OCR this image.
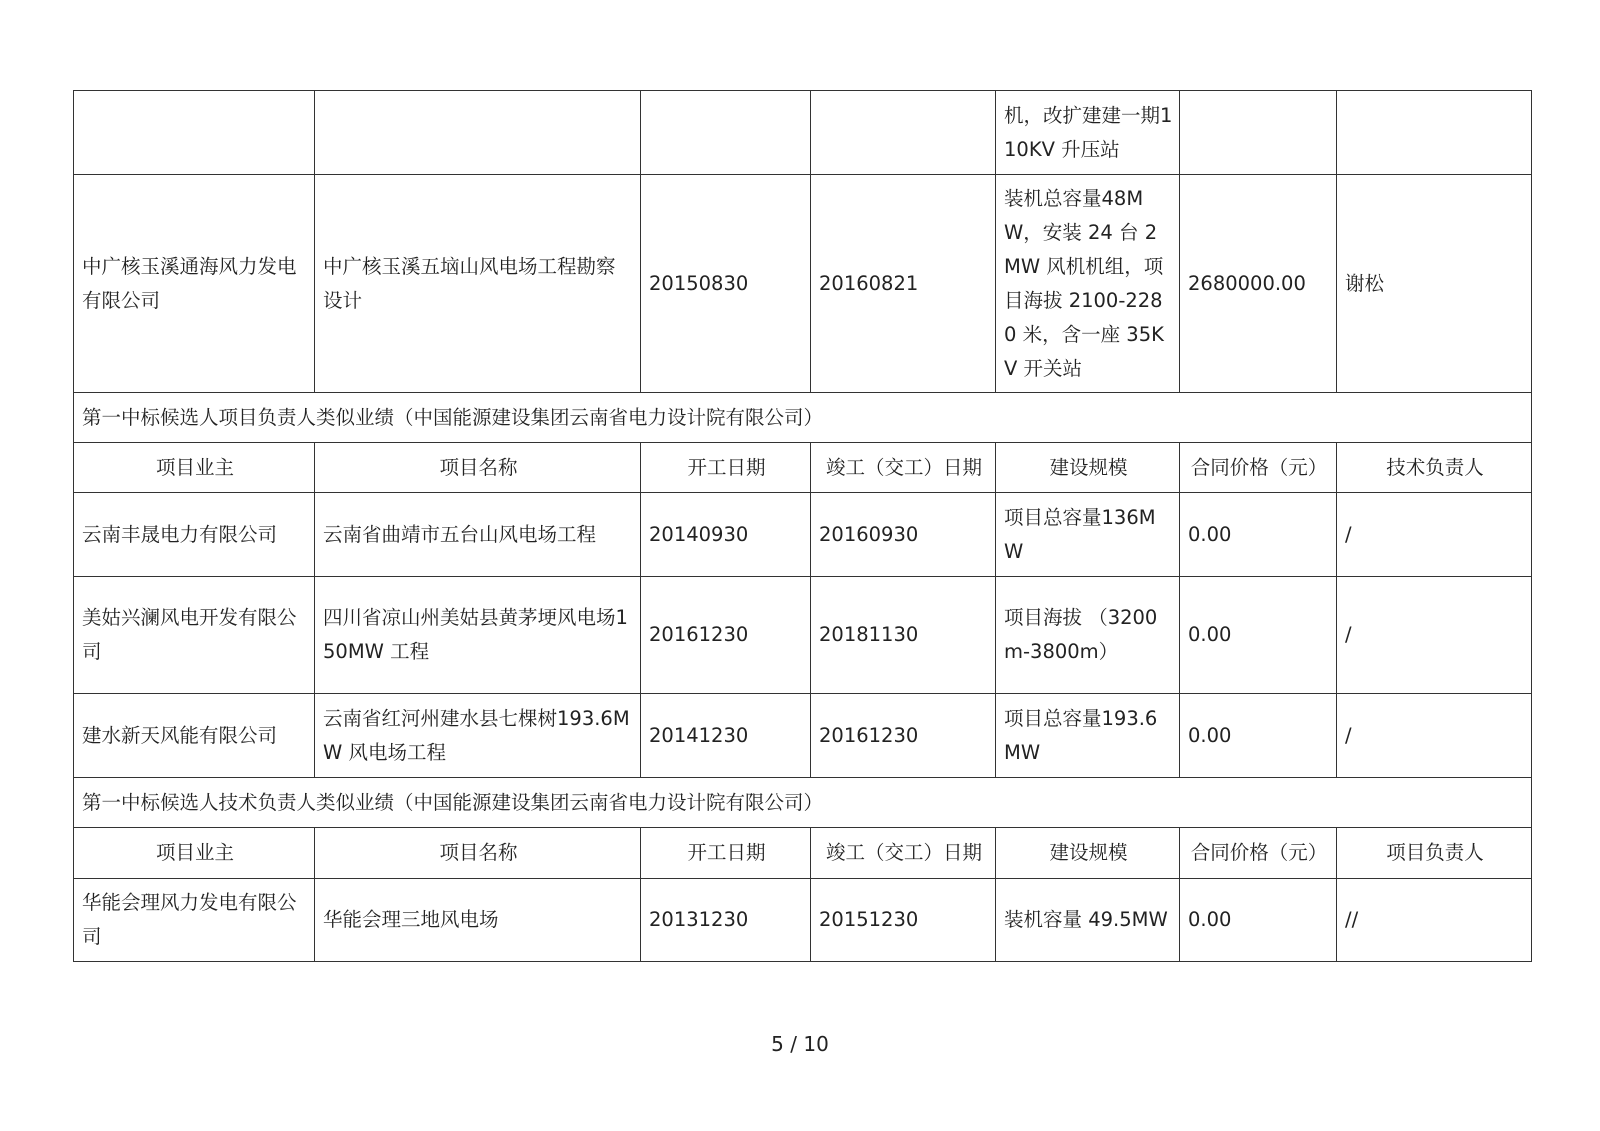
				机，改扩建建一期110KV 升压站		
中广核玉溪通海风力发电有限公司	中广核玉溪五垴山风电场工程勘察设计	20150830	20160821	装机总容量48MW，安装 24 台 2MW 风机机组，项目海拔 2100-2280 米，含一座 35KV 开关站	2680000.00	谢松
第一中标候选人项目负责人类似业绩（中国能源建设集团云南省电力设计院有限公司）						
项目业主	项目名称	开工日期	竣工（交工）日期	建设规模	合同价格（元）	技术负责人
云南丰晟电力有限公司	云南省曲靖市五台山风电场工程	20140930	20160930	项目总容量136MW	0.00	/
美姑兴澜风电开发有限公司	四川省凉山州美姑县黄茅埂风电场150MW 工程	20161230	20181130	项目海拔 （3200m-3800m）	0.00	/
建水新天风能有限公司	云南省红河州建水县七棵树193.6MW 风电场工程	20141230	20161230	项目总容量193.6MW	0.00	/
第一中标候选人技术负责人类似业绩（中国能源建设集团云南省电力设计院有限公司）						
项目业主	项目名称	开工日期	竣工（交工）日期	建设规模	合同价格（元）	项目负责人
华能会理风力发电有限公司	华能会理三地风电场	20131230	20151230	装机容量 49.5MW	0.00	//
5 / 10
